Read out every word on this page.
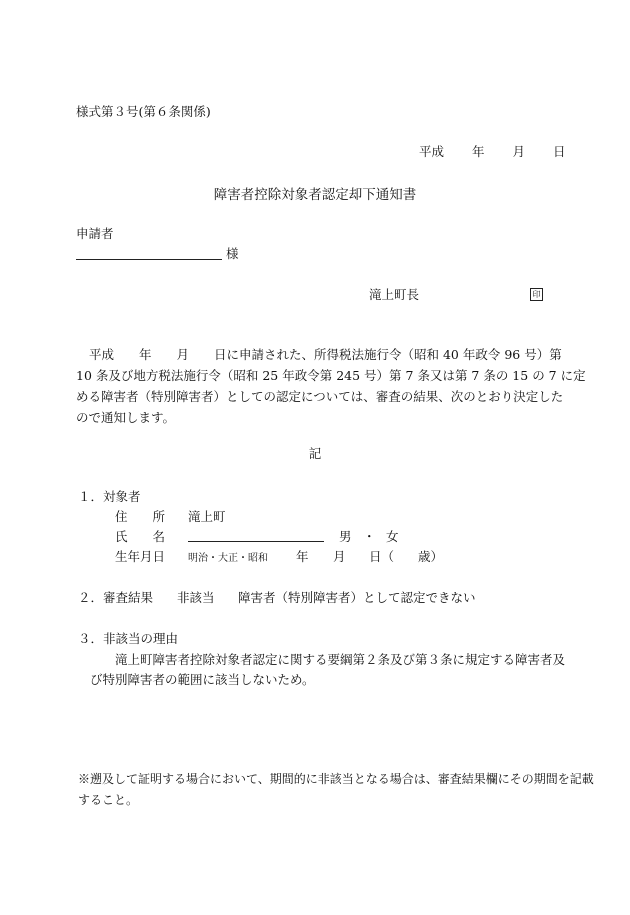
様式第３号(第６条関係)
平成 年 月 日
障害者控除対象者認定却下通知書
申請者
様
滝上町長	印
平成　　年　　月　　日に申請された、所得税法施行令（昭和 40 年政令 96 号）第
10 条及び地方税法施行令（昭和 25 年政令第 245 号）第 7 条又は第 7 条の 15 の 7 に定
める障害者（特別障害者）としての認定については、審査の結果、次のとおり決定した
ので通知します。
記
１．対象者
住　　所 滝上町
氏　　名	男 ・ 女
生年月日 明治・大正・昭和 年 月 日（ 歳）
２．審査結果 非該当 障害者（特別障害者）として認定できない
３．非該当の理由
滝上町障害者控除対象者認定に関する要綱第２条及び第３条に規定する障害者及
び特別障害者の範囲に該当しないため。
※遡及して証明する場合において、期間的に非該当となる場合は、審査結果欄にその期間を記載
すること。
